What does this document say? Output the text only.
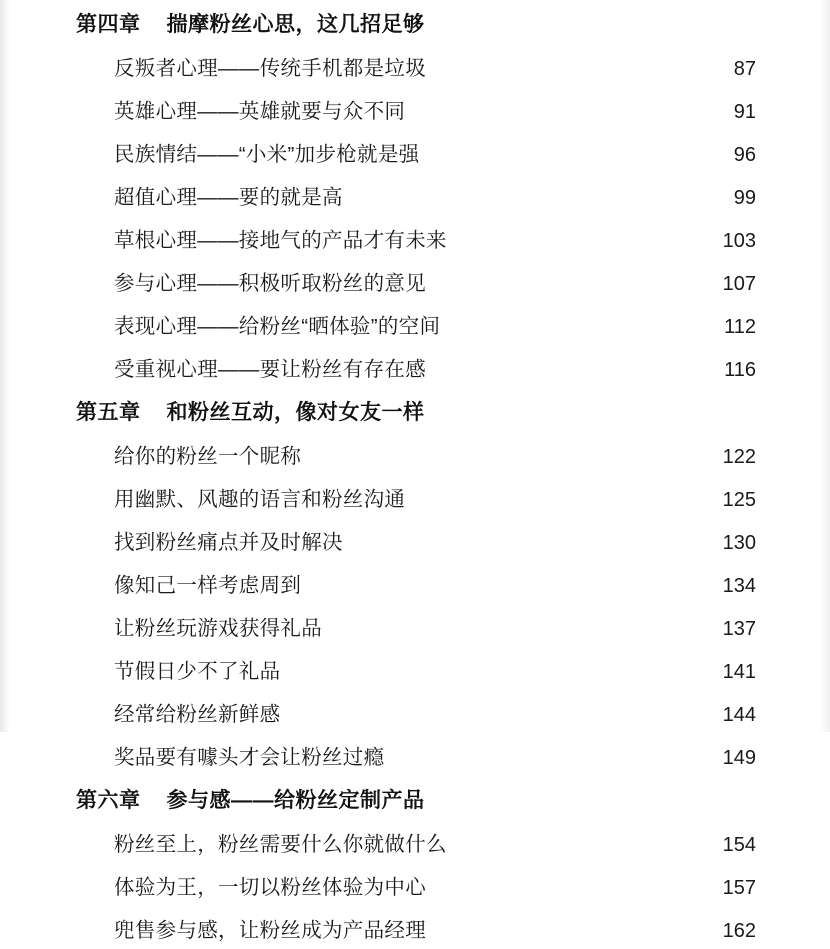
第四章 揣摩粉丝心思，这几招足够
反叛者心理——传统手机都是垃圾	87
英雄心理——英雄就要与众不同	91
民族情结——“小米”加步枪就是强	96
超值心理——要的就是高	99
草根心理——接地气的产品才有未来	103
参与心理——积极听取粉丝的意见	107
表现心理——给粉丝“晒体验”的空间	112
受重视心理——要让粉丝有存在感	116
第五章 和粉丝互动，像对女友一样
给你的粉丝一个昵称	122
用幽默、风趣的语言和粉丝沟通	125
找到粉丝痛点并及时解决	130
像知己一样考虑周到	134
让粉丝玩游戏获得礼品	137
节假日少不了礼品	141
经常给粉丝新鲜感	144
奖品要有噱头才会让粉丝过瘾	149
第六章 参与感——给粉丝定制产品
粉丝至上，粉丝需要什么你就做什么	154
体验为王，一切以粉丝体验为中心	157
兜售参与感，让粉丝成为产品经理	162
